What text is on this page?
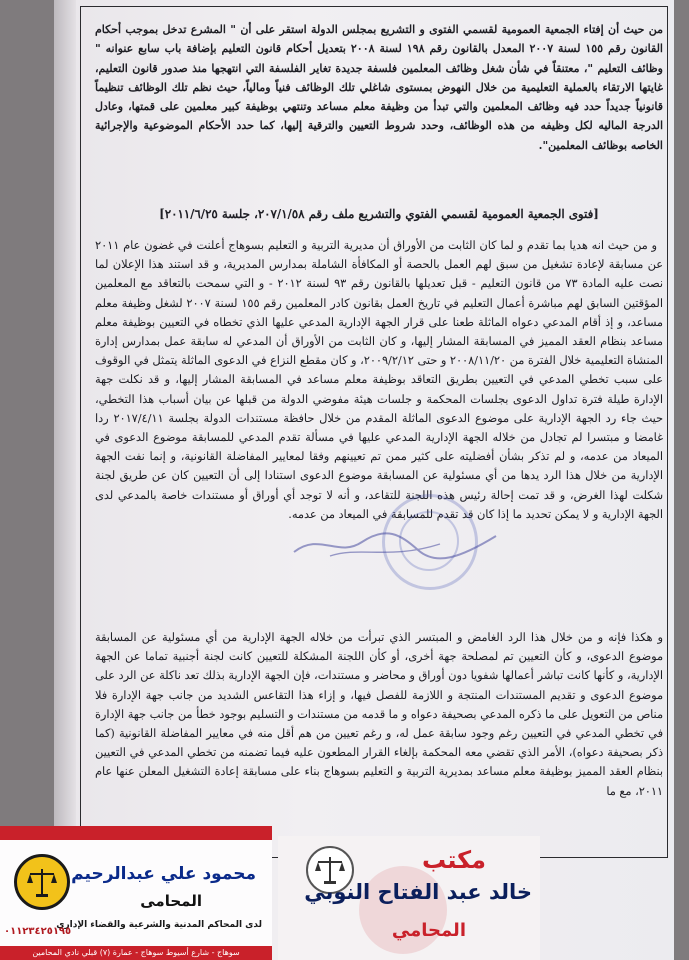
من حيث أن إفتاء الجمعية العمومية لقسمي الفتوى و التشريع بمجلس الدولة استقر على أن " المشرع تدخل بموجب أحكام القانون رقم ١٥٥ لسنة ٢٠٠٧ المعدل بالقانون رقم ١٩٨ لسنة ٢٠٠٨ بتعديل أحكام قانون التعليم بإضافة باب سابع عنوانه " وظائف التعليم "، معتنقاً في شأن شغل وظائف المعلمين فلسفة جديدة تغاير الفلسفة التي انتهجها منذ صدور قانون التعليم، غايتها الارتقاء بالعملية التعليمية من خلال النهوض بمستوى شاغلي تلك الوظائف فنياً ومالياً، حيث نظم تلك الوظائف تنظيماً قانونياً جديداً حدد فيه وظائف المعلمين والتي تبدأ من وظيفة معلم مساعد وتنتهي بوظيفة كبير معلمين على قمتها، وعادل الدرجة الماليه لكل وظيفه من هذه الوظائف، وحدد شروط التعيين والترقية إليها، كما حدد الأحكام الموضوعية والإجرائية الخاصه بوظائف المعلمين".
[فتوى الجمعية العمومية لقسمي الفتوي والتشريع ملف رقم ٢٠٧/١/٥٨، جلسة ٢٠١١/٦/٢٥]
و من حيث انه هديا بما تقدم و لما كان الثابت من الأوراق أن مديرية التربية و التعليم بسوهاج أعلنت في غضون عام ٢٠١١ عن مسابقة لإعادة تشغيل من سبق لهم العمل بالحصة أو المكافأة الشاملة بمدارس المديرية، و قد استند هذا الإعلان لما نصت عليه المادة ٧٣ من قانون التعليم - قبل تعديلها بالقانون رقم ٩٣ لسنة ٢٠١٢ - و التي سمحت بالتعاقد مع المعلمين المؤقتين السابق لهم مباشرة أعمال التعليم في تاريخ العمل بقانون كادر المعلمين رقم ١٥٥ لسنة ٢٠٠٧ لشغل وظيفة معلم مساعد، و إذ أقام المدعي دعواه الماثلة طعنا على قرار الجهة الإدارية المدعي عليها الذي تخطاه في التعيين بوظيفة معلم مساعد بنظام العقد المميز في المسابقة المشار إليها، و كان الثابت من الأوراق أن المدعي له سابقة عمل بمدارس إدارة المنشاة التعليمية خلال الفترة من ٢٠٠٨/١١/٢٠ و حتى ٢٠٠٩/٢/١٢، و كان مقطع النزاع في الدعوى الماثلة يتمثل في الوقوف على سبب تخطي المدعي في التعيين بطريق التعاقد بوظيفة معلم مساعد في المسابقة المشار إليها، و قد نكلت جهة الإدارة طيلة فترة تداول الدعوى بجلسات المحكمة و جلسات هيئة مفوضي الدولة من قبلها عن بيان أسباب هذا التخطي، حيث جاء رد الجهة الإدارية على موضوع الدعوى الماثلة المقدم من خلال حافظة مستندات الدولة بجلسة ٢٠١٧/٤/١١ ردا غامضا و مبتسرا لم تجادل من خلاله الجهة الإدارية المدعي عليها في مسألة تقدم المدعي للمسابقة موضوع الدعوى في الميعاد من عدمه، و لم تذكر بشأن أفضليته على كثير ممن تم تعيينهم وفقا لمعايير المفاضلة القانونية، و إنما نفت الجهة الإدارية من خلال هذا الرد يدها من أي مسئولية عن المسابقة موضوع الدعوى استنادا إلى أن التعيين كان عن طريق لجنة شكلت لهذا الغرض، و قد تمت إحالة رئيس هذه اللجنة للتقاعد، و أنه لا توجد أي أوراق أو مستندات خاصة بالمدعي لدى الجهة الإدارية و لا يمكن تحديد ما إذا كان قد تقدم للمسابقة في الميعاد من عدمه.
و هكذا فإنه و من خلال هذا الرد الغامض و المبتسر الذي تبرأت من خلاله الجهة الإدارية من أي مسئولية عن المسابقة موضوع الدعوى، و كأن التعيين تم لمصلحة جهة أخرى، أو كأن اللجنة المشكلة للتعيين كانت لجنة أجنبية تماما عن الجهة الإدارية، و كأنها كانت تباشر أعمالها شفويا دون أوراق و محاضر و مستندات، فإن الجهة الإدارية بذلك تعد ناكلة عن الرد على موضوع الدعوى و تقديم المستندات المنتجة و اللازمة للفصل فيها، و إزاء هذا التقاعس الشديد من جانب جهة الإدارة فلا مناص من التعويل على ما ذكره المدعي بصحيفة دعواه و ما قدمه من مستندات و التسليم بوجود خطأ من جانب جهة الإدارة في تخطي المدعي في التعيين رغم وجود سابقة عمل له، و رغم تعيين من هم أقل منه في معايير المفاضلة القانونية (كما ذكر بصحيفة دعواه)، الأمر الذي تقضي معه المحكمة بإلغاء القرار المطعون عليه فيما تضمنه من تخطي المدعي في التعيين بنظام العقد المميز بوظيفة معلم مساعد بمديرية التربية و التعليم بسوهاج بناء على مسابقة إعادة التشغيل المعلن عنها عام ٢٠١١، مع ما
محمود علي عبدالرحيم
المحامى
لدى المحاكم المدنية والشرعية والقضاء الإداري
٠١١٢٣٤٢٥١٩٥
سوهاج - شارع أسيوط سوهاج - عمارة (٧) قبلي نادي المحامين
مكتب
خالد عبد الفتاح النوبي
المحامي
